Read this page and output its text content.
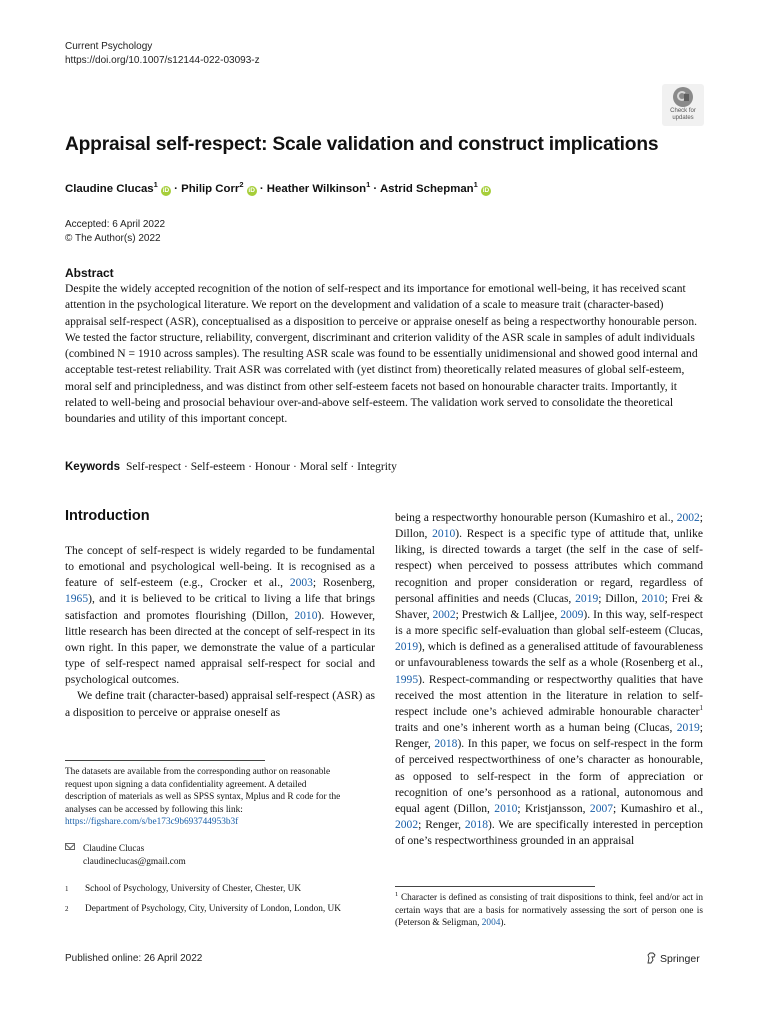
Current Psychology
https://doi.org/10.1007/s12144-022-03093-z
Check for
updates
Appraisal self-respect: Scale validation and construct implications
Claudine Clucas$^1$ iD · Philip Corr$^2$ iD · Heather Wilkinson$^1$ · Astrid Schepman$^1$ iD
Accepted: 6 April 2022
© The Author(s) 2022
Abstract
Despite the widely accepted recognition of the notion of self-respect and its importance for emotional well-being, it has received scant attention in the psychological literature. We report on the development and validation of a scale to measure trait (character-based) appraisal self-respect (ASR), conceptualised as a disposition to perceive or appraise oneself as being a respectworthy honourable person. We tested the factor structure, reliability, convergent, discriminant and criterion validity of the ASR scale in samples of adult individuals (combined N = 1910 across samples). The resulting ASR scale was found to be essentially unidimensional and showed good internal and acceptable test-retest reliability. Trait ASR was correlated with (yet distinct from) theoretically related measures of global self-esteem, moral self and principledness, and was distinct from other self-esteem facets not based on honourable character traits. Importantly, it related to well-being and prosocial behaviour over-and-above self-esteem. The validation work served to consolidate the theoretical boundaries and utility of this important concept.
Keywords Self-respect · Self-esteem · Honour · Moral self · Integrity
Introduction

The concept of self-respect is widely regarded to be fundamental to emotional and psychological well-being. It is recognised as a feature of self-esteem (e.g., Crocker et al., 2003; Rosenberg, 1965), and it is believed to be critical to living a life that brings satisfaction and promotes flourishing (Dillon, 2010). However, little research has been directed at the concept of self-respect in its own right. In this paper, we demonstrate the value of a particular type of self-respect named appraisal self-respect for social and psychological outcomes.

We define trait (character-based) appraisal self-respect (ASR) as a disposition to perceive or appraise oneself as

being a respectworthy honourable person (Kumashiro et al., 2002; Dillon, 2010). Respect is a specific type of attitude that, unlike liking, is directed towards a target (the self in the case of self-respect) when perceived to possess attributes which command recognition and proper consideration or regard, regardless of personal affinities and needs (Clucas, 2019; Dillon, 2010; Frei & Shaver, 2002; Prestwich & Lalljee, 2009). In this way, self-respect is a more specific self-evaluation than global self-esteem (Clucas, 2019), which is defined as a generalised attitude of favourableness or unfavourableness towards the self as a whole (Rosenberg et al., 1995). Respect-commanding or respectworthy qualities that have received the most attention in the literature in relation to self-respect include one’s achieved admirable honourable character$^1$ traits and one’s inherent worth as a human being (Clucas, 2019; Renger, 2018). In this paper, we focus on self-respect in the form of perceived respectworthiness of one’s character as honourable, as opposed to self-respect in the form of appreciation or recognition of one’s personhood as a rational, autonomous and equal agent (Dillon, 2010; Kristjansson, 2007; Kumashiro et al., 2002; Renger, 2018). We are specifically interested in perception of one’s respectworthiness grounded in an appraisal

The datasets are available from the corresponding author on reasonable request upon signing a data confidentiality agreement. A detailed description of materials as well as SPSS syntax, Mplus and R code for the analyses can be accessed by following this link: https://figshare.com/s/be173c9b693744953b3f
Claudine Clucas
claudineclucas@gmail.com
1 School of Psychology, University of Chester, Chester, UK
2 Department of Psychology, City, University of London, London, UK
$^1$ Character is defined as consisting of trait dispositions to think, feel and/or act in certain ways that are a basis for normatively assessing the sort of person one is (Peterson & Seligman, 2004).
Published online: 26 April 2022	Springer
